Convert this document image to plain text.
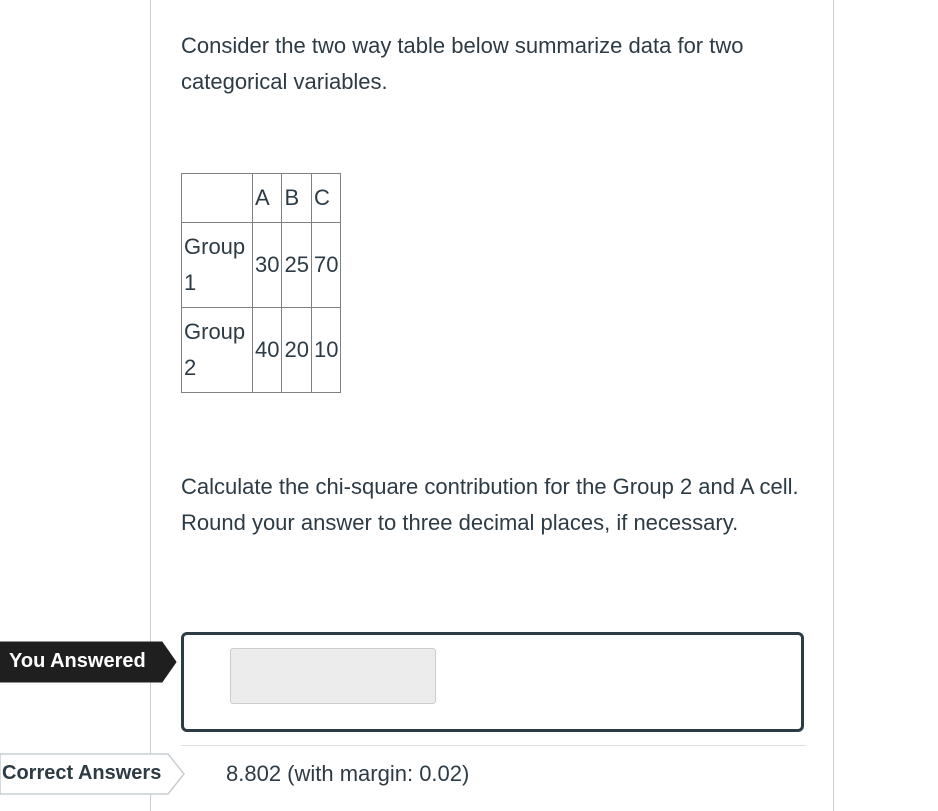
Consider the two way table below summarize data for two categorical variables.

	A	B	C
Group 1	30	25	70
Group 2	40	20	10

Calculate the chi-square contribution for the Group 2 and A cell. Round your answer to three decimal places, if necessary.

You Answered
Correct Answers	8.802 (with margin: 0.02)
